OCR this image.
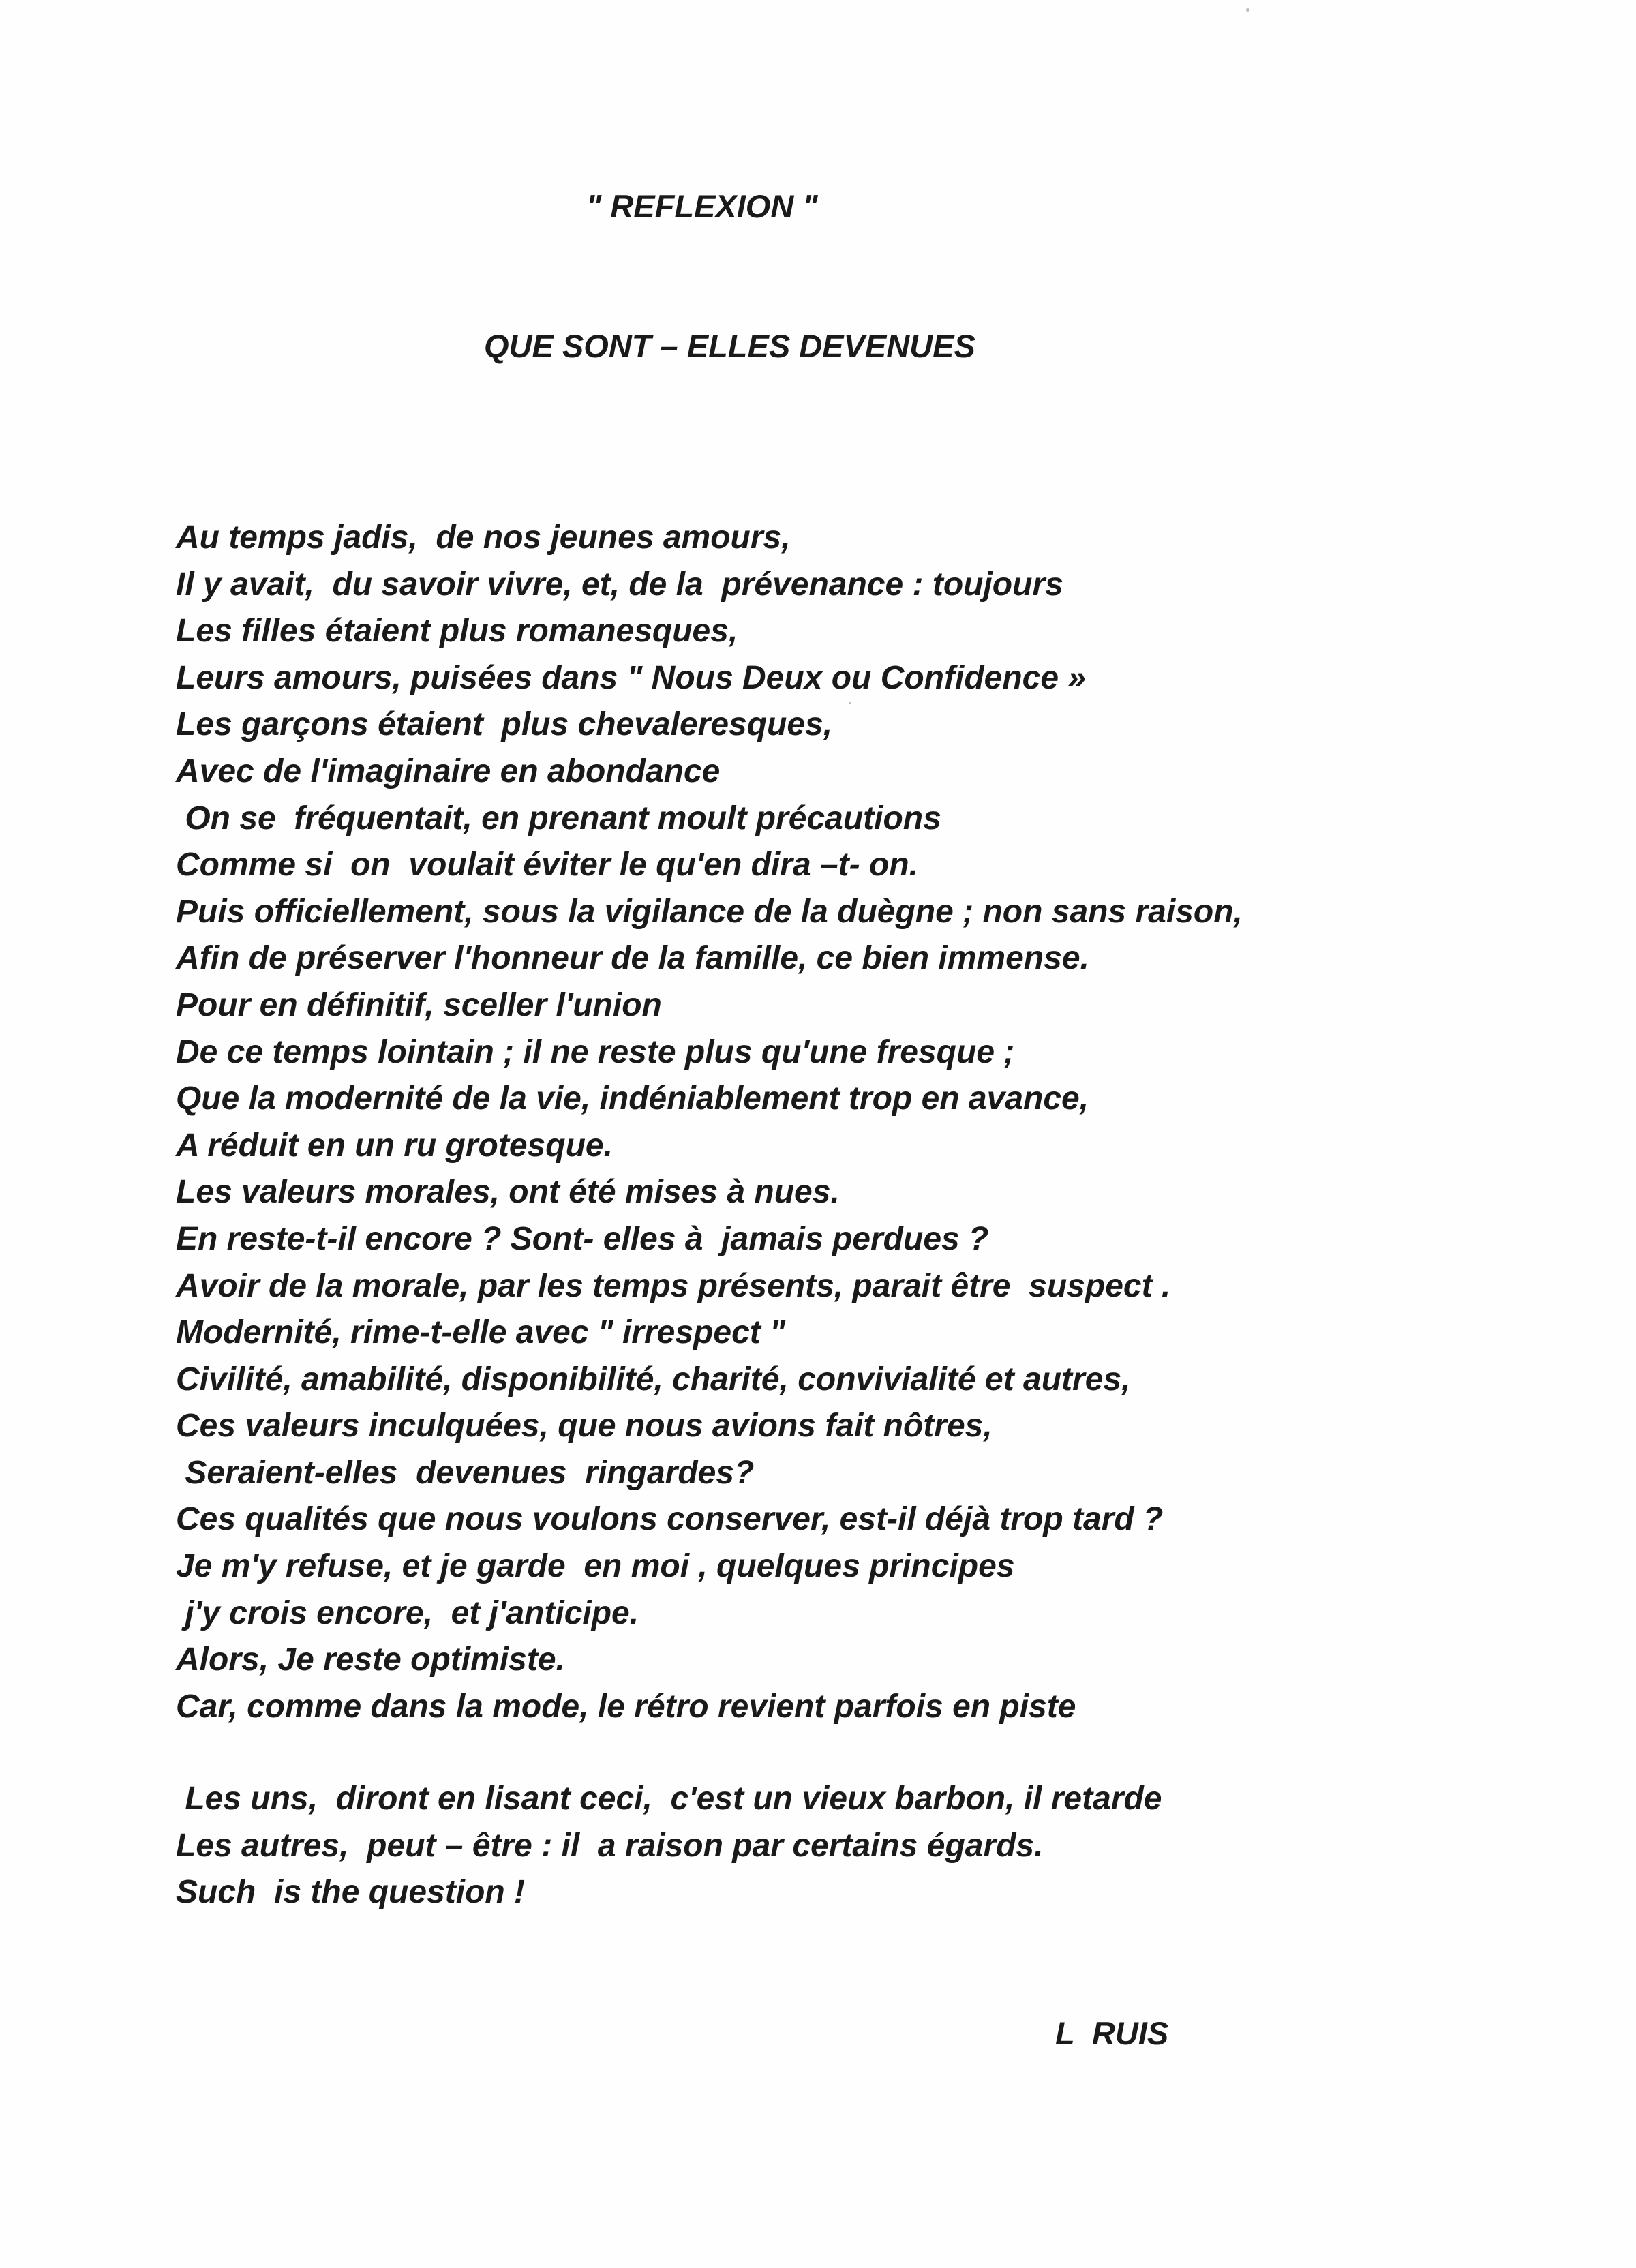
" REFLEXION "
QUE SONT – ELLES DEVENUES
Au temps jadis,  de nos jeunes amours,
Il y avait,  du savoir vivre, et, de la  prévenance : toujours
Les filles étaient plus romanesques,
Leurs amours, puisées dans " Nous Deux ou Confidence »
Les garçons étaient  plus chevaleresques,
Avec de l'imaginaire en abondance
On se  fréquentait, en prenant moult précautions
Comme si  on  voulait éviter le qu'en dira –t- on.
Puis officiellement, sous la vigilance de la duègne ; non sans raison,
Afin de préserver l'honneur de la famille, ce bien immense.
Pour en définitif, sceller l'union
De ce temps lointain ; il ne reste plus qu'une fresque ;
Que la modernité de la vie, indéniablement trop en avance,
A réduit en un ru grotesque.
Les valeurs morales, ont été mises à nues.
En reste-t-il encore ? Sont- elles à  jamais perdues ?
Avoir de la morale, par les temps présents, parait être  suspect .
Modernité, rime-t-elle avec " irrespect "
Civilité, amabilité, disponibilité, charité, convivialité et autres,
Ces valeurs inculquées, que nous avions fait nôtres,
Seraient-elles  devenues  ringardes?
Ces qualités que nous voulons conserver, est-il déjà trop tard ?
Je m'y refuse, et je garde  en moi , quelques principes
j'y crois encore,  et j'anticipe.
Alors, Je reste optimiste.
Car, comme dans la mode, le rétro revient parfois en piste
Les uns,  diront en lisant ceci,  c'est un vieux barbon, il retarde
Les autres,  peut – être : il  a raison par certains égards.
Such  is the question !
L  RUIS
